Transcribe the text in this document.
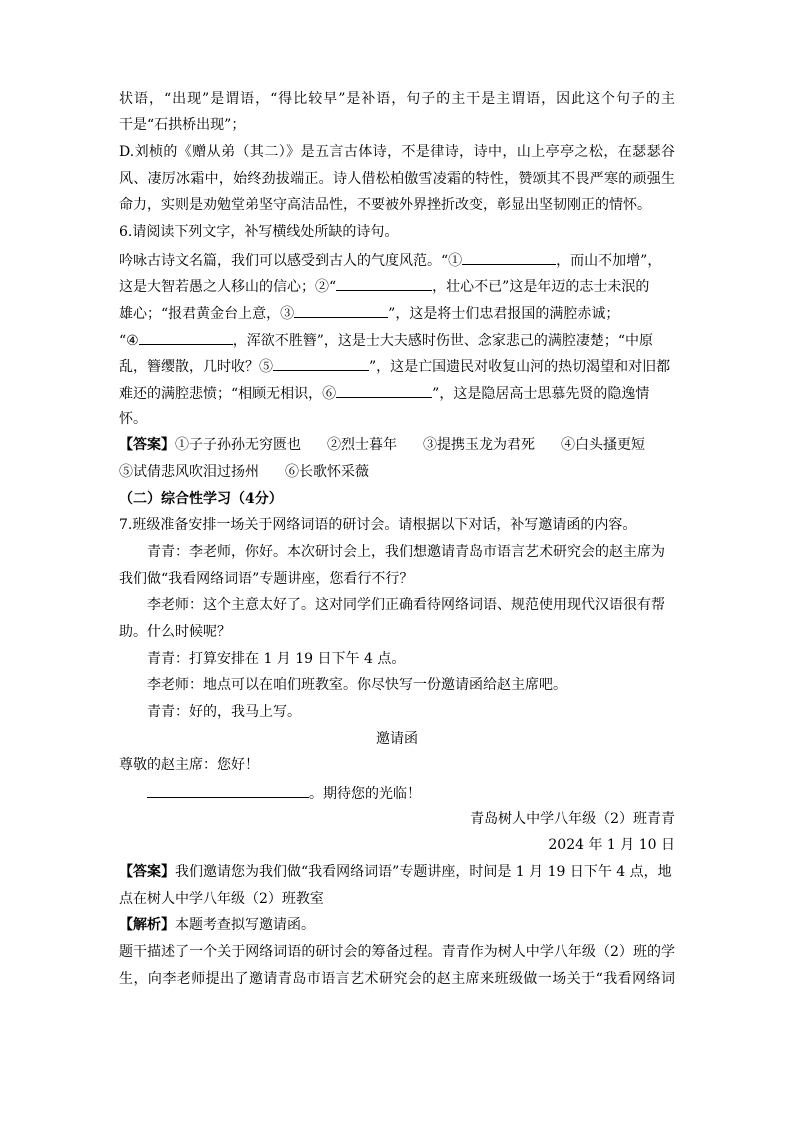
状语，“出现”是谓语，“得比较早”是补语，句子的主干是主谓语，因此这个句子的主
干是“石拱桥出现”；
D.刘桢的《赠从弟（其二）》是五言古体诗，不是律诗，诗中，山上亭亭之松，在瑟瑟谷
风、凄厉冰霜中，始终劲拔端正。诗人借松柏傲雪凌霜的特性，赞颂其不畏严寒的顽强生
命力，实则是劝勉堂弟坚守高洁品性，不要被外界挫折改变，彰显出坚韧刚正的情怀。
6.请阅读下列文字，补写横线处所缺的诗句。
吟咏古诗文名篇，我们可以感受到古人的气度风范。“①	，而山不加增”，
这是大智若愚之人移山的信心；②“	，壮心不已”这是年迈的志士未泯的
雄心；“报君黄金台上意，③	”，这是将士们忠君报国的满腔赤诚；
“④	，浑欲不胜簪”，这是士大夫感时伤世、念家悲己的满腔凄楚；“中原
乱，簪缨散，几时收？⑤	”，这是亡国遗民对收复山河的热切渴望和对旧都
难还的满腔悲愤；“相顾无相识，⑥	”，这是隐居高士思慕先贤的隐逸情
怀。
【答案】①子子孙孙无穷匮也 ②烈士暮年 ③提携玉龙为君死 ④白头搔更短
⑤试倩悲风吹泪过扬州 ⑥长歌怀采薇
（二）综合性学习（4分）
7.班级准备安排一场关于网络词语的研讨会。请根据以下对话，补写邀请函的内容。
青青：李老师，你好。本次研讨会上，我们想邀请青岛市语言艺术研究会的赵主席为
我们做“我看网络词语”专题讲座，您看行不行？
李老师：这个主意太好了。这对同学们正确看待网络词语、规范使用现代汉语很有帮
助。什么时候呢？
青青：打算安排在 1 月 19 日下午 4 点。
李老师：地点可以在咱们班教室。你尽快写一份邀请函给赵主席吧。
青青：好的，我马上写。
邀请函
尊敬的赵主席：您好！
。期待您的光临！
青岛树人中学八年级（2）班青青
2024 年 1 月 10 日
【答案】我们邀请您为我们做“我看网络词语”专题讲座，时间是 1 月 19 日下午 4 点，地
点在树人中学八年级（2）班教室
【解析】本题考查拟写邀请函。
题干描述了一个关于网络词语的研讨会的筹备过程。青青作为树人中学八年级（2）班的学
生，向李老师提出了邀请青岛市语言艺术研究会的赵主席来班级做一场关于“我看网络词
